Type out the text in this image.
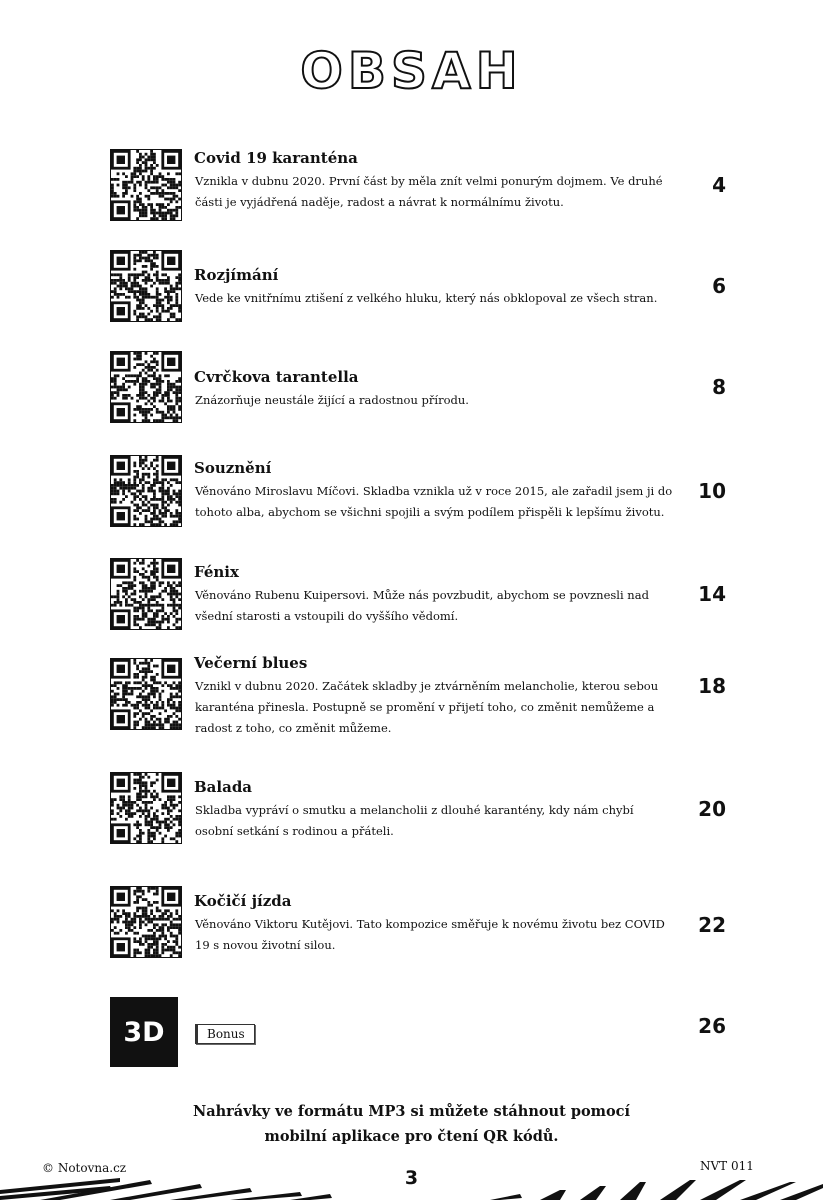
OBSAH
Covid 19 karanténa
Vznikla v dubnu 2020. První část by měla znít velmi ponurým dojmem. Ve druhé části je vyjádřená naděje, radost a návrat k normálnímu životu.
4
Rozjímání
Vede ke vnitřnímu ztišení z velkého hluku, který nás obklopoval ze všech stran.	6
Cvrčkova tarantella
Znázorňuje neustále žijící a radostnou přírodu.
8
Souznění
Věnováno Miroslavu Míčovi. Skladba vznikla už v roce 2015, ale zařadil jsem ji do tohoto alba, abychom se všichni spojili a svým podílem přispěli k lepšímu životu.
10
Fénix
Věnováno Rubenu Kuipersovi. Může nás povzbudit, abychom se povznesli nad všední starosti a vstoupili do vyššího vědomí.
14
Večerní blues
Vznikl v dubnu 2020. Začátek skladby je ztvárněním melancholie, kterou sebou karanténa přinesla. Postupně se promění v přijetí toho, co změnit nemůžeme a radost z toho, co změnit můžeme.
18
Balada
Skladba vypráví o smutku a melancholii z dlouhé karantény, kdy nám chybí osobní setkání s rodinou a přáteli.
20
Kočičí jízda
Věnováno Viktoru Kutějovi. Tato kompozice směřuje k novému životu bez COVID 19 s novou životní silou.
22
3D	Bonus	26
Nahrávky ve formátu MP3 si můžete stáhnout pomocí
mobilní aplikace pro čtení QR kódů.
© Notovna.cz	3
NVT 011
